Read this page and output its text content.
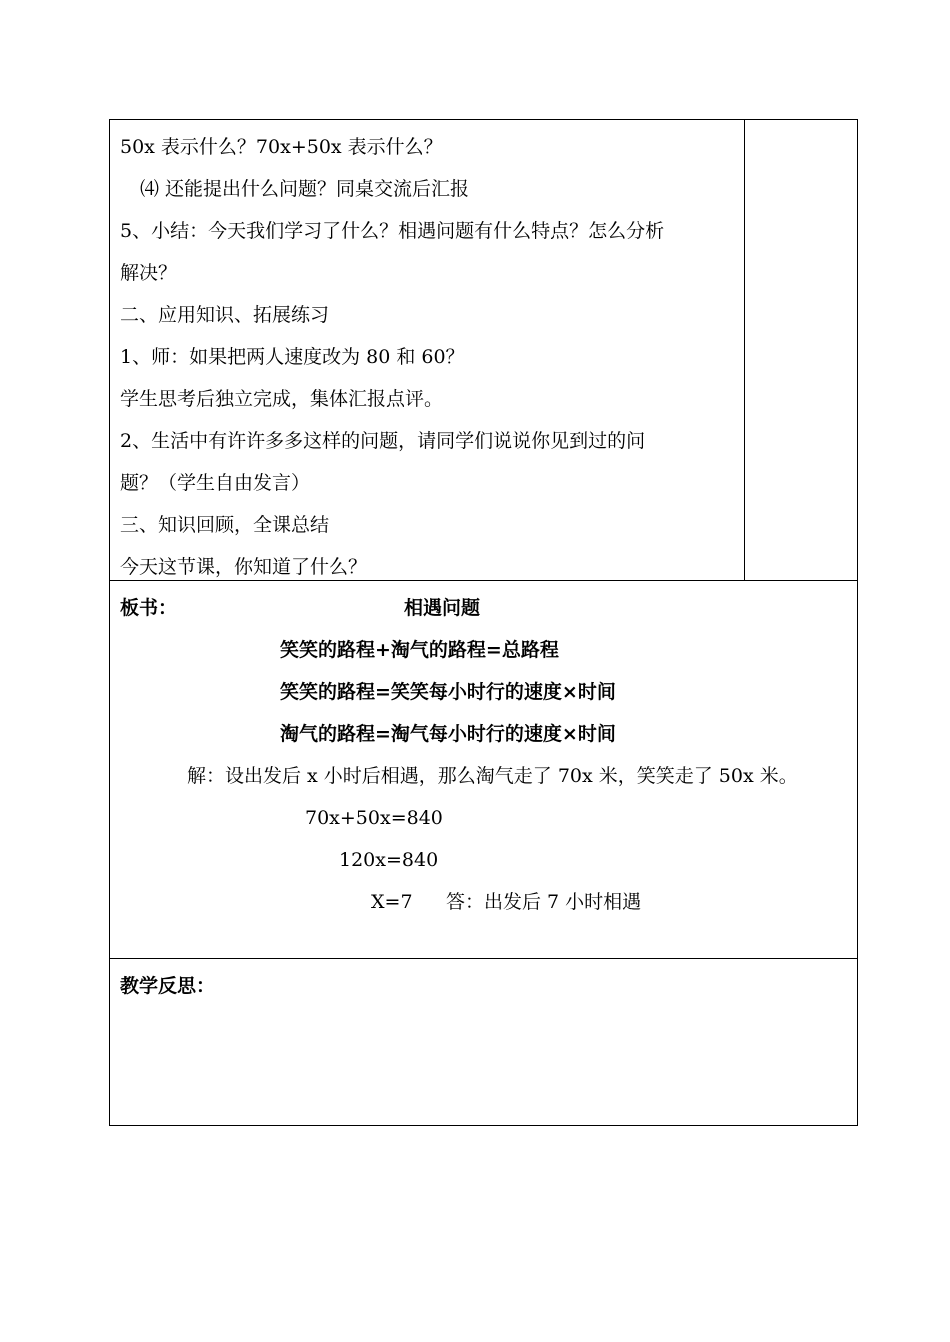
50x 表示什么？70x+50x 表示什么？
⑷ 还能提出什么问题？同桌交流后汇报
5、小结：今天我们学习了什么？相遇问题有什么特点？怎么分析
解决？
二、应用知识、拓展练习
1、师：如果把两人速度改为 80 和 60？
学生思考后独立完成，集体汇报点评。
2、生活中有许许多多这样的问题，请同学们说说你见到过的问
题？（学生自由发言）
三、知识回顾，全课总结
今天这节课，你知道了什么？
板书：	相遇问题
笑笑的路程+淘气的路程=总路程
笑笑的路程=笑笑每小时行的速度×时间
淘气的路程=淘气每小时行的速度×时间
解：设出发后 x 小时后相遇，那么淘气走了 70x 米，笑笑走了 50x 米。
70x+50x=840
120x=840
X=7 答：出发后 7 小时相遇
教学反思：
